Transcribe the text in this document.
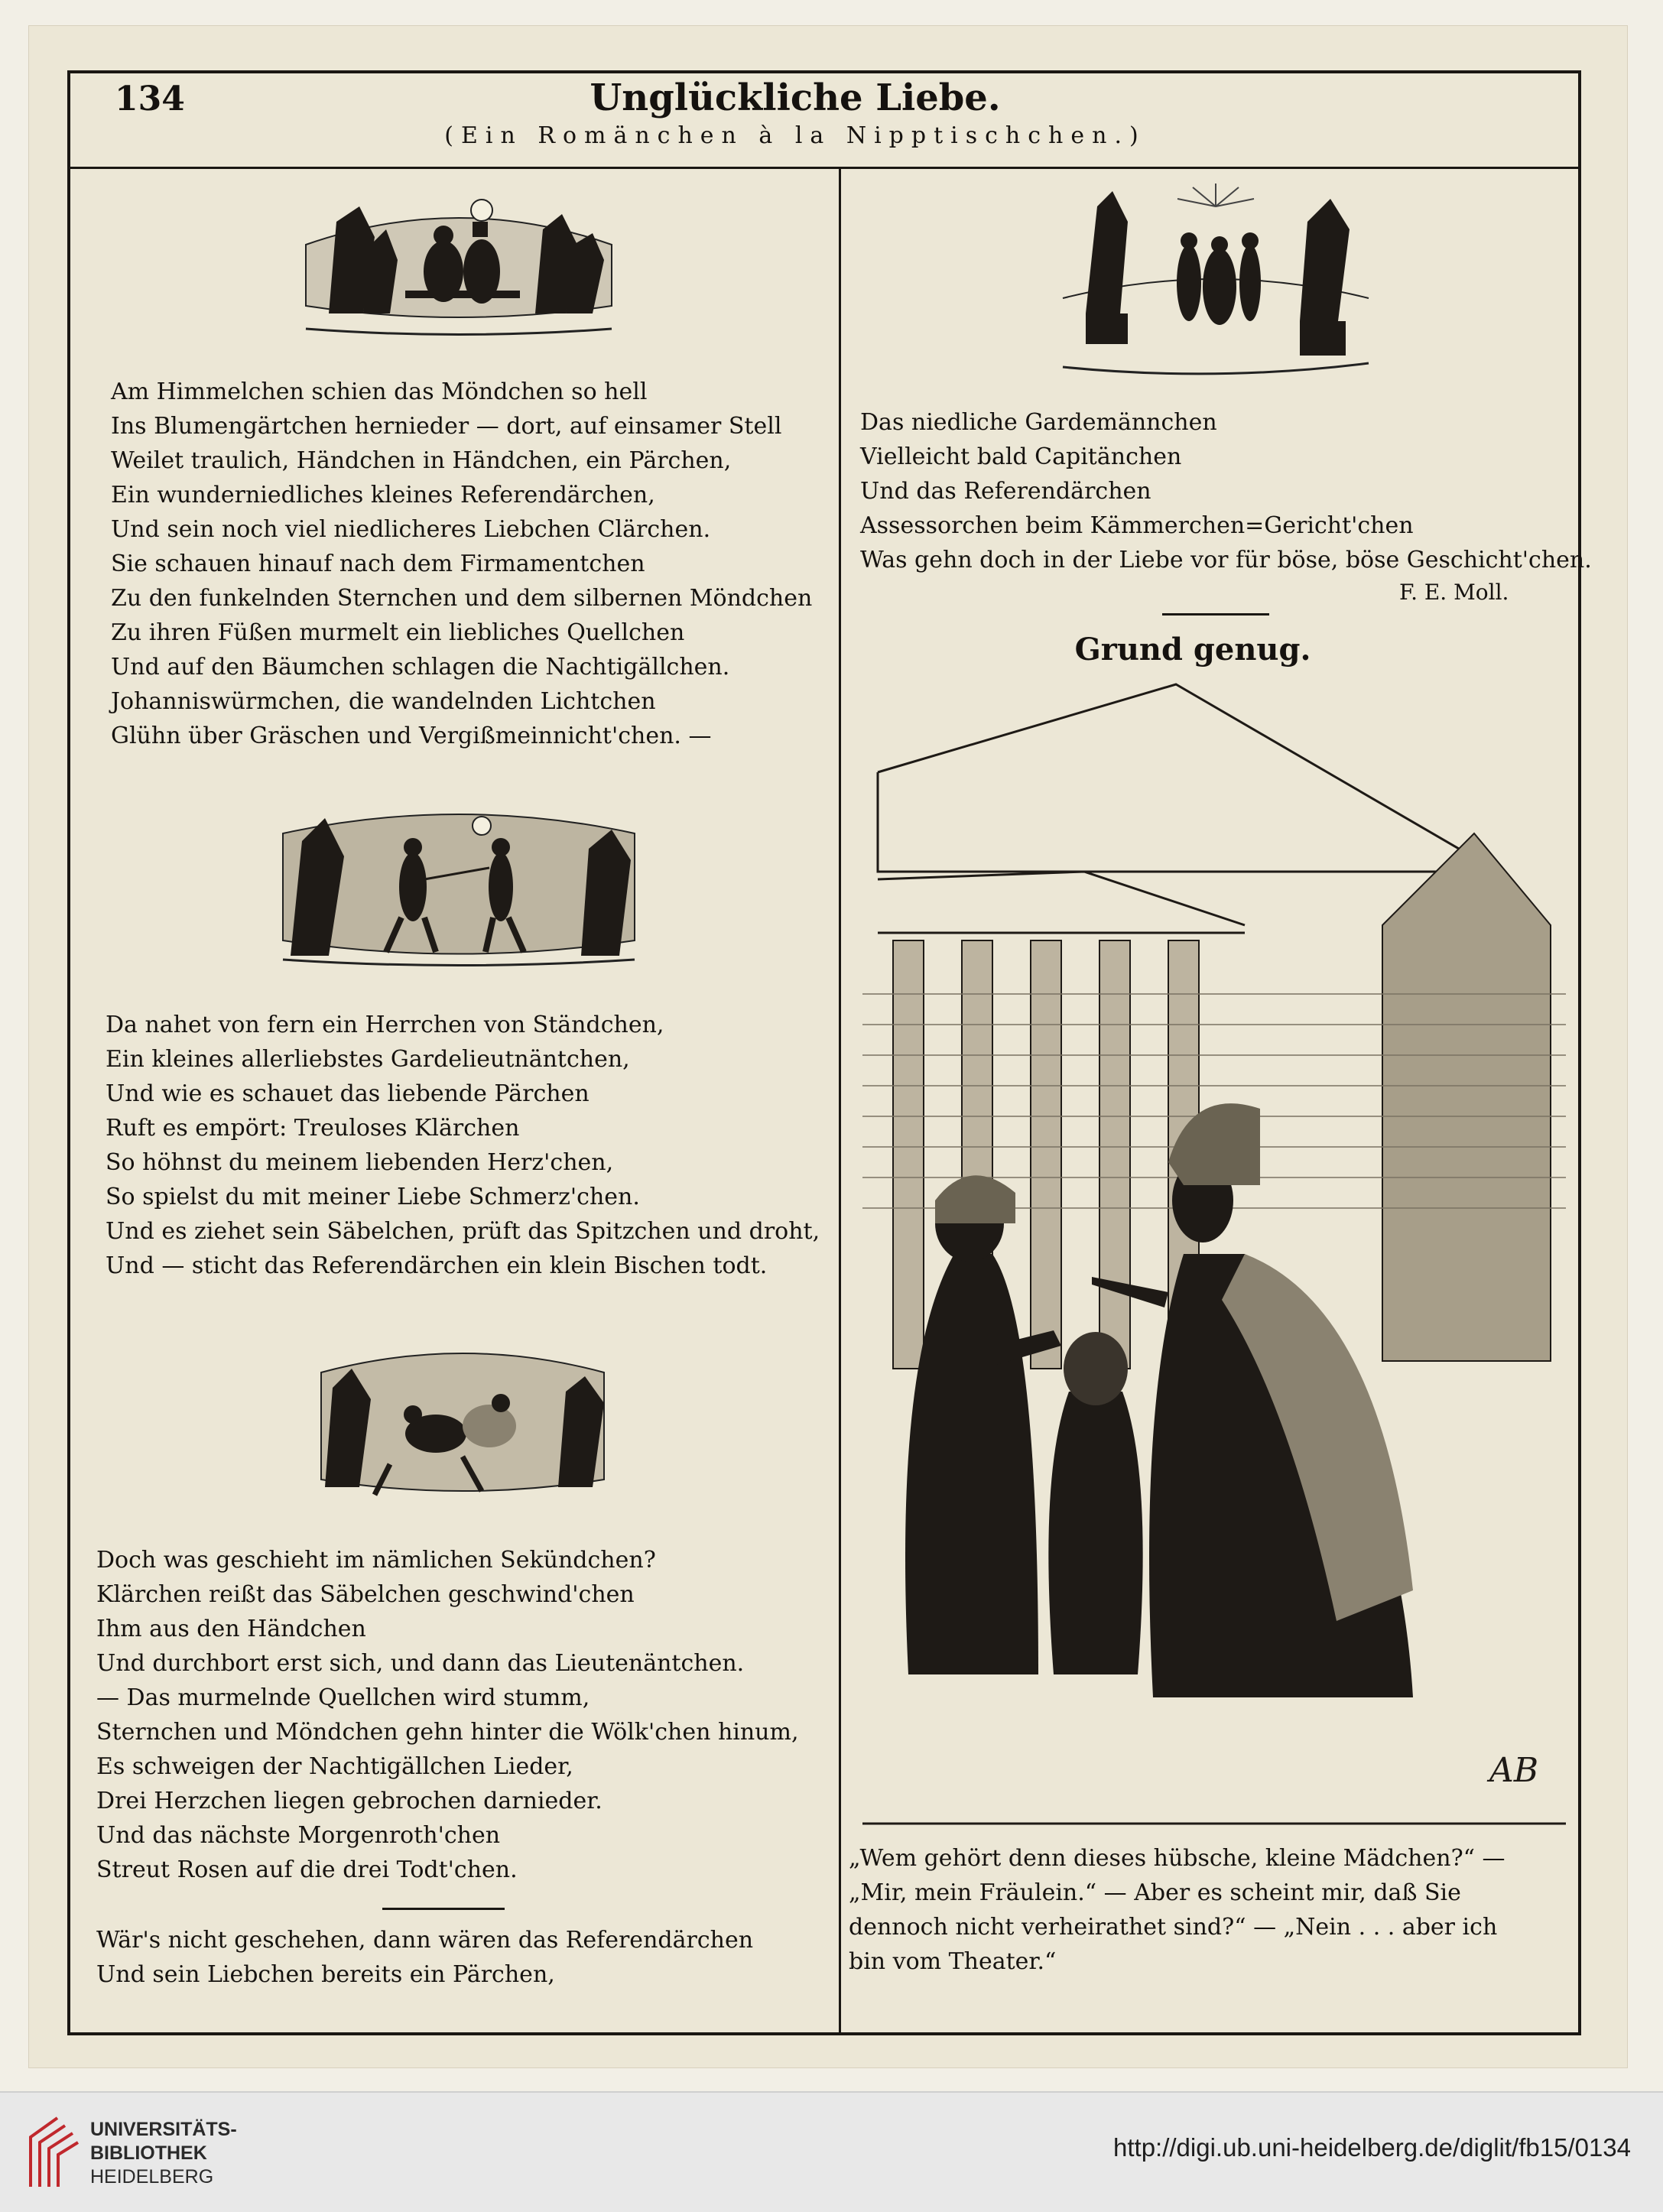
134	Unglückliche Liebe.
(Ein Romänchen à la Nipptischchen.)
Am Himmelchen schien das Möndchen so hell
Ins Blumengärtchen hernieder — dort, auf einsamer Stell
Weilet traulich, Händchen in Händchen, ein Pärchen,
Ein wunderniedliches kleines Referendärchen,
Und sein noch viel niedlicheres Liebchen Clärchen.
Sie schauen hinauf nach dem Firmamentchen
Zu den funkelnden Sternchen und dem silbernen Möndchen
Zu ihren Füßen murmelt ein liebliches Quellchen
Und auf den Bäumchen schlagen die Nachtigällchen.
Johanniswürmchen, die wandelnden Lichtchen
Glühn über Gräschen und Vergißmeinnicht'chen. —
Da nahet von fern ein Herrchen von Ständchen,
Ein kleines allerliebstes Gardelieutnäntchen,
Und wie es schauet das liebende Pärchen
Ruft es empört: Treuloses Klärchen
So höhnst du meinem liebenden Herz'chen,
So spielst du mit meiner Liebe Schmerz'chen.
Und es ziehet sein Säbelchen, prüft das Spitzchen und droht,
Und — sticht das Referendärchen ein klein Bischen todt.
Doch was geschieht im nämlichen Sekündchen?
Klärchen reißt das Säbelchen geschwind'chen
Ihm aus den Händchen
Und durchbort erst sich, und dann das Lieutenäntchen.
— Das murmelnde Quellchen wird stumm,
Sternchen und Möndchen gehn hinter die Wölk'chen hinum,
Es schweigen der Nachtigällchen Lieder,
Drei Herzchen liegen gebrochen darnieder.
Und das nächste Morgenroth'chen
Streut Rosen auf die drei Todt'chen.
Wär's nicht geschehen, dann wären das Referendärchen
Und sein Liebchen bereits ein Pärchen,
Das niedliche Gardemännchen
Vielleicht bald Capitänchen
Und das Referendärchen
Assessorchen beim Kämmerchen=Gericht'chen
Was gehn doch in der Liebe vor für böse, böse Geschicht'chen.
F. E. Moll.
Grund genug.
AB
„Wem gehört denn dieses hübsche, kleine Mädchen?“ —
„Mir, mein Fräulein.“ — Aber es scheint mir, daß Sie
dennoch nicht verheirathet sind?“ — „Nein . . . aber ich
bin vom Theater.“
UNIVERSITÄTS-
BIBLIOTHEK
HEIDELBERG
http://digi.ub.uni-heidelberg.de/diglit/fb15/0134
